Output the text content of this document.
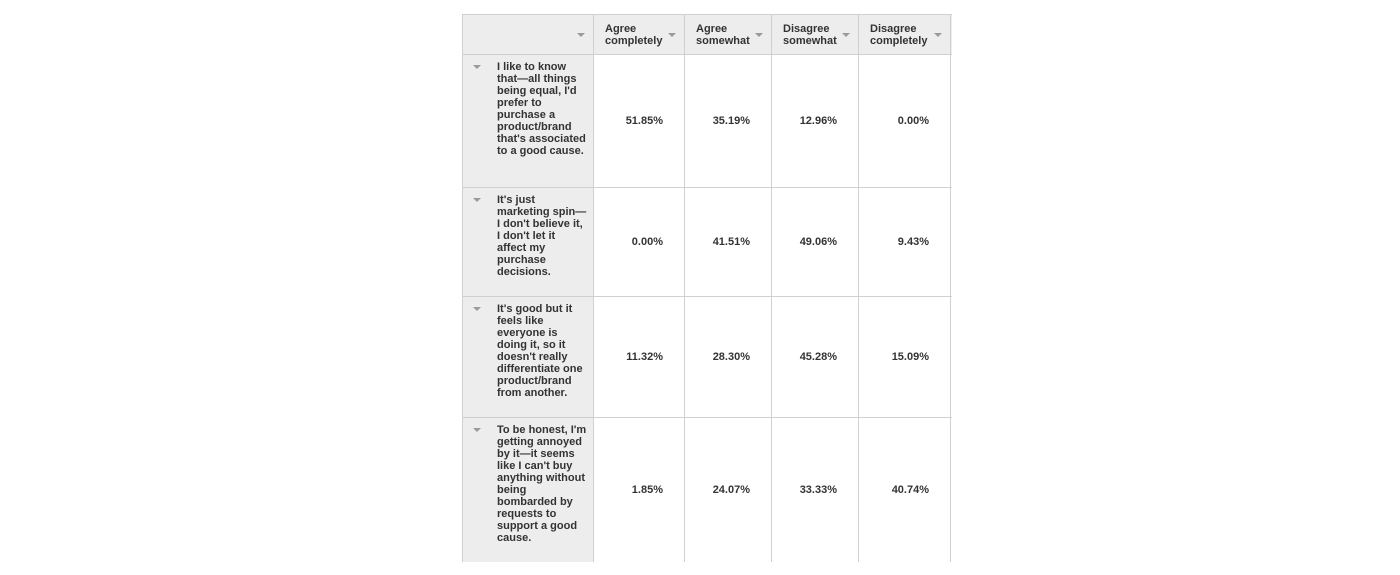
	Agree completely	Agree somewhat	Disagree somewhat	Disagree completely	

I like to know that—all things being equal, I'd prefer to purchase a product/brand that's associated to a good cause.	51.85%	35.19%	12.96%	0.00%	

It's just marketing spin—I don't believe it, I don't let it affect my purchase decisions.	0.00%	41.51%	49.06%	9.43%	

It's good but it feels like everyone is doing it, so it doesn't really differentiate one product/brand from another.	11.32%	28.30%	45.28%	15.09%	

To be honest, I'm getting annoyed by it—it seems like I can't buy anything without being bombarded by requests to support a good cause.	1.85%	24.07%	33.33%	40.74%	
